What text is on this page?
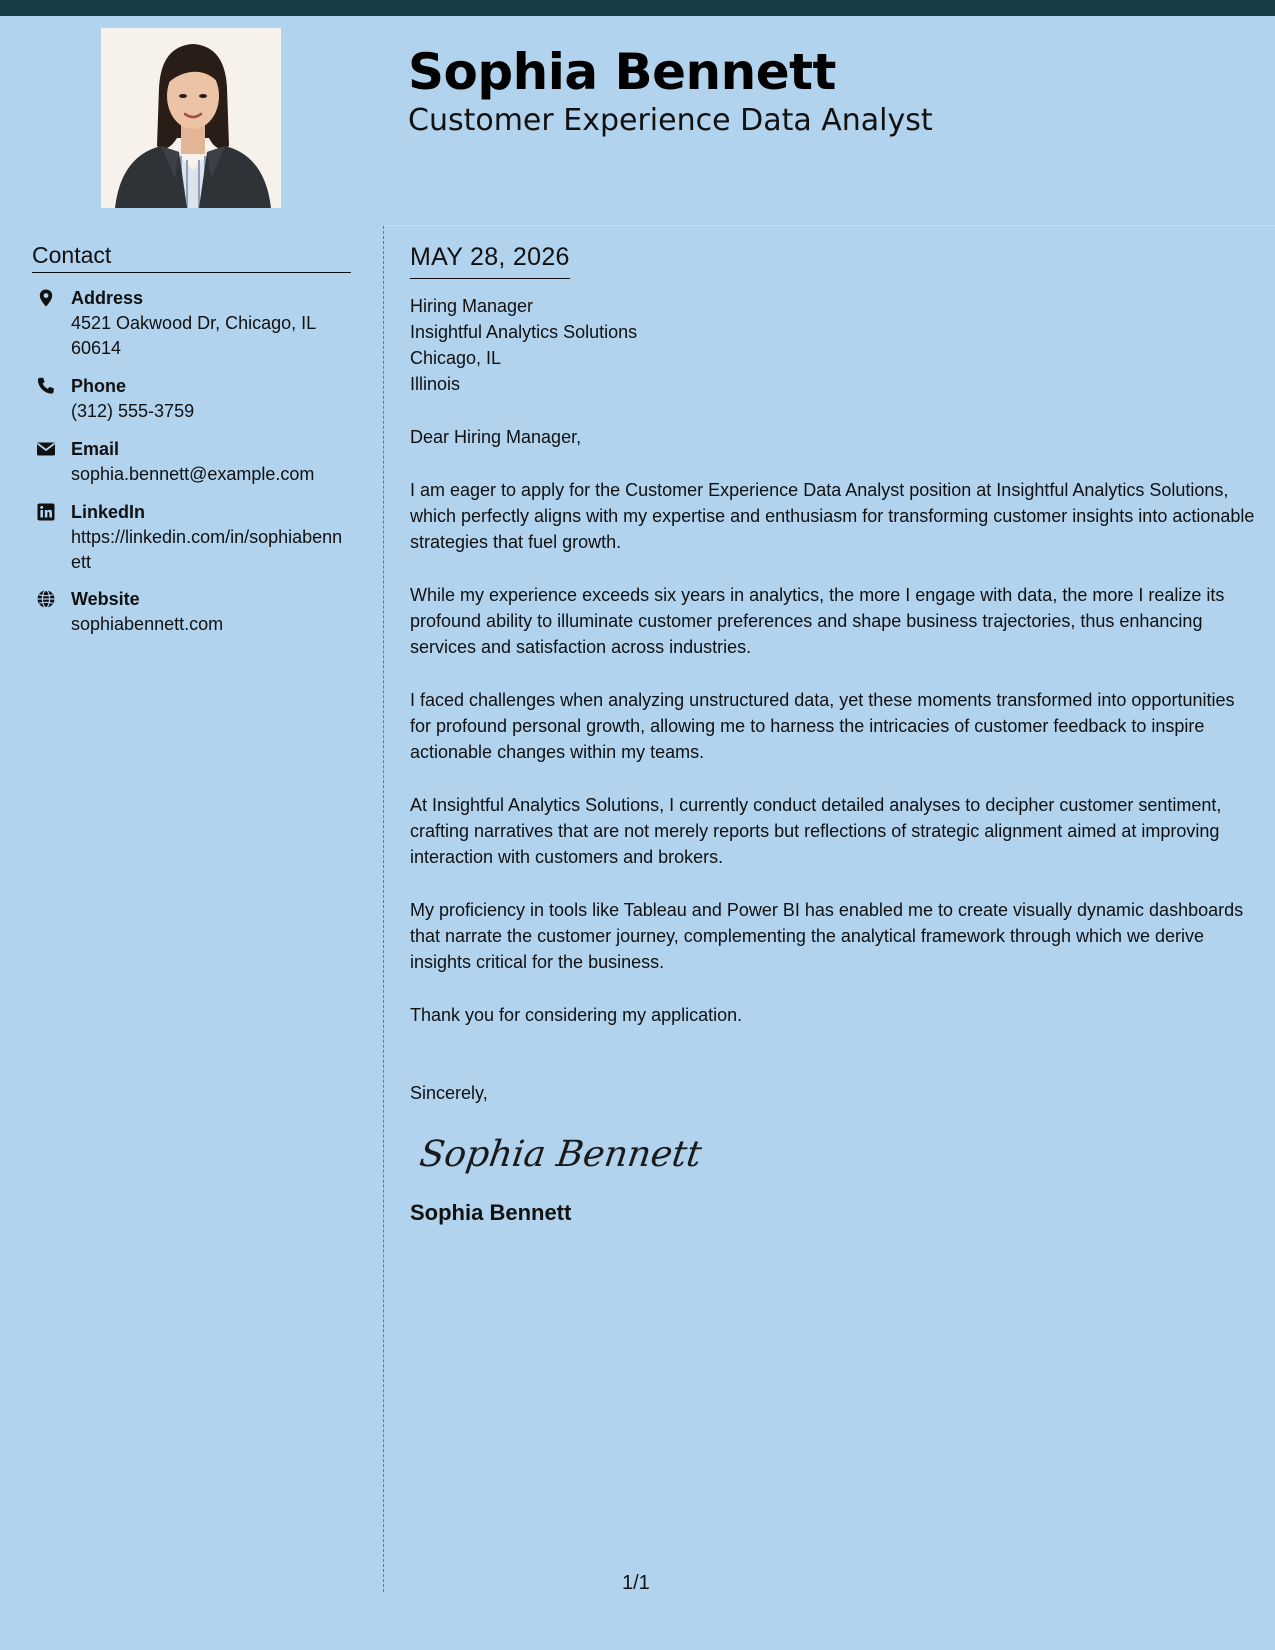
Sophia Bennett
Customer Experience Data Analyst
Contact
Address
4521 Oakwood Dr, Chicago, IL 60614
Phone
(312) 555-3759
Email
sophia.bennett@example.com
LinkedIn
https://linkedin.com/in/sophiabennett
Website
sophiabennett.com
MAY 28, 2026
Hiring Manager
Insightful Analytics Solutions
Chicago, IL
Illinois
Dear Hiring Manager,
I am eager to apply for the Customer Experience Data Analyst position at Insightful Analytics Solutions, which perfectly aligns with my expertise and enthusiasm for transforming customer insights into actionable strategies that fuel growth.
While my experience exceeds six years in analytics, the more I engage with data, the more I realize its profound ability to illuminate customer preferences and shape business trajectories, thus enhancing services and satisfaction across industries.
I faced challenges when analyzing unstructured data, yet these moments transformed into opportunities for profound personal growth, allowing me to harness the intricacies of customer feedback to inspire actionable changes within my teams.
At Insightful Analytics Solutions, I currently conduct detailed analyses to decipher customer sentiment, crafting narratives that are not merely reports but reflections of strategic alignment aimed at improving interaction with customers and brokers.
My proficiency in tools like Tableau and Power BI has enabled me to create visually dynamic dashboards that narrate the customer journey, complementing the analytical framework through which we derive insights critical for the business.
Thank you for considering my application.
Sincerely,
Sophia Bennett
Sophia Bennett
1/1
